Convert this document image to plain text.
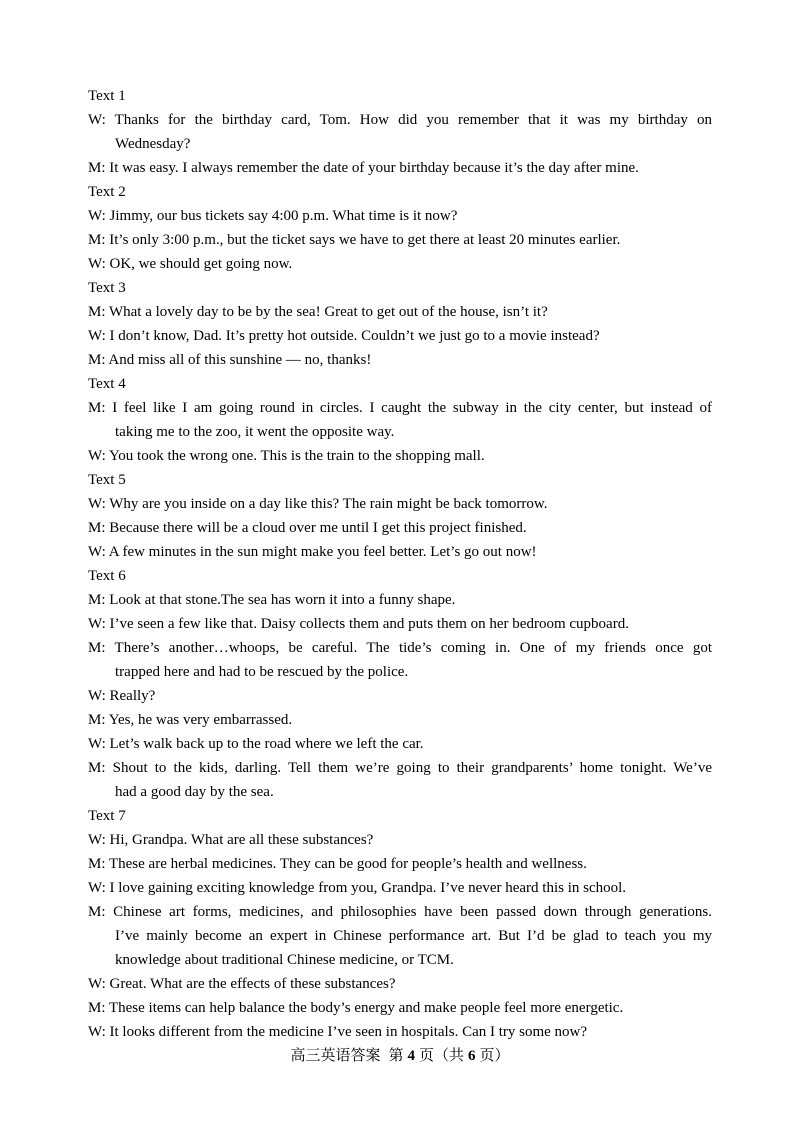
Text 1
W: Thanks for the birthday card, Tom. How did you remember that it was my birthday on
Wednesday?
M: It was easy. I always remember the date of your birthday because it’s the day after mine.
Text 2
W: Jimmy, our bus tickets say 4:00 p.m. What time is it now?
M: It’s only 3:00 p.m., but the ticket says we have to get there at least 20 minutes earlier.
W: OK, we should get going now.
Text 3
M: What a lovely day to be by the sea! Great to get out of the house, isn’t it?
W: I don’t know, Dad. It’s pretty hot outside. Couldn’t we just go to a movie instead?
M: And miss all of this sunshine — no, thanks!
Text 4
M: I feel like I am going round in circles. I caught the subway in the city center, but instead of
taking me to the zoo, it went the opposite way.
W: You took the wrong one. This is the train to the shopping mall.
Text 5
W: Why are you inside on a day like this? The rain might be back tomorrow.
M: Because there will be a cloud over me until I get this project finished.
W: A few minutes in the sun might make you feel better. Let’s go out now!
Text 6
M: Look at that stone.The sea has worn it into a funny shape.
W: I’ve seen a few like that. Daisy collects them and puts them on her bedroom cupboard.
M: There’s another…whoops, be careful. The tide’s coming in. One of my friends once got
trapped here and had to be rescued by the police.
W: Really?
M: Yes, he was very embarrassed.
W: Let’s walk back up to the road where we left the car.
M: Shout to the kids, darling. Tell them we’re going to their grandparents’ home tonight. We’ve
had a good day by the sea.
Text 7
W: Hi, Grandpa. What are all these substances?
M: These are herbal medicines. They can be good for people’s health and wellness.
W: I love gaining exciting knowledge from you, Grandpa. I’ve never heard this in school.
M: Chinese art forms, medicines, and philosophies have been passed down through generations.
I’ve mainly become an expert in Chinese performance art. But I’d be glad to teach you my
knowledge about traditional Chinese medicine, or TCM.
W: Great. What are the effects of these substances?
M: These items can help balance the body’s energy and make people feel more energetic.
W: It looks different from the medicine I’ve seen in hospitals. Can I try some now?
高三英语答案 第 4 页（共 6 页）
